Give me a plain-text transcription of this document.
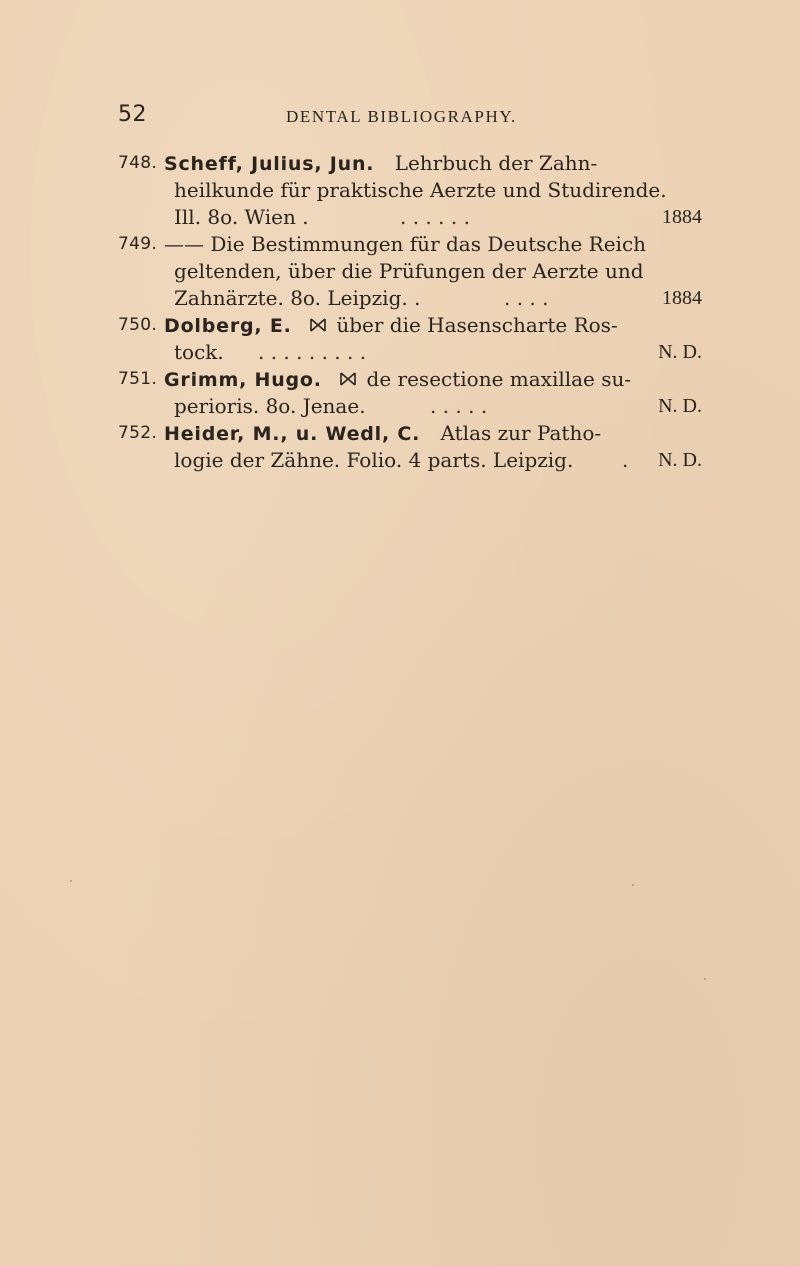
52	DENTAL BIBLIOGRAPHY.
748. Scheff, Julius, Jun. Lehrbuch der Zahn-
heilkunde für praktische Aerzte und Studirende.
Ill. 8o. Wien .	. . . . . .	1884
749. —— Die Bestimmungen für das Deutsche Reich
geltenden, über die Prüfungen der Aerzte und
Zahnärzte. 8o. Leipzig. .	. . . .	1884
750. Dolberg, E. über die Hasenscharte Ros-
tock. . . . . . . . . .	N. D.
751. Grimm, Hugo. de resectione maxillae su-
perioris. 8o. Jenae.	. . . . .	N. D.
752. Heider, M., u. Wedl, C. Atlas zur Patho-
logie der Zähne. Folio. 4 parts. Leipzig. . N. D.
